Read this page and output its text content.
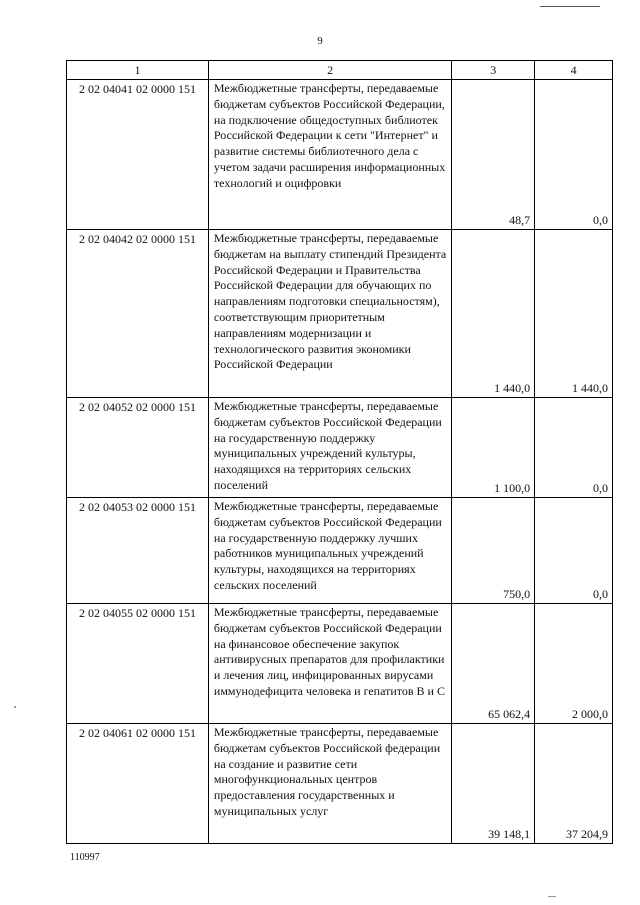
9
1	2	3	4
2 02 04041 02 0000 151	Межбюджетные трансферты, передаваемые бюджетам субъектов Российской Федерации, на подключение общедоступных библиотек Российской Федерации к сети "Интернет" и развитие системы библиотечного дела с учетом задачи расширения информационных технологий и оцифровки	48,7	0,0
2 02 04042 02 0000 151	Межбюджетные трансферты, передаваемые бюджетам на выплату стипендий Президента Российской Федерации и Правительства Российской Федерации для обучающих по направлениям подготовки специальностям), соответствующим приоритетным направлениям модернизации и технологического развития экономики Российской Федерации	1 440,0	1 440,0
2 02 04052 02 0000 151	Межбюджетные трансферты, передаваемые бюджетам субъектов Российской Федерации на государственную поддержку муниципальных учреждений культуры, находящихся на территориях сельских поселений	1 100,0	0,0
2 02 04053 02 0000 151	Межбюджетные трансферты, передаваемые бюджетам субъектов Российской Федерации на государственную поддержку лучших работников муниципальных учреждений культуры, находящихся на территориях сельских поселений	750,0	0,0
2 02 04055 02 0000 151	Межбюджетные трансферты, передаваемые бюджетам субъектов Российской Федерации на финансовое обеспечение закупок антивирусных препаратов для профилактики и лечения лиц, инфицированных вирусами иммунодефицита человека и гепатитов В и С	65 062,4	2 000,0
2 02 04061 02 0000 151	Межбюджетные трансферты, передаваемые бюджетам субъектов Российской федерации на создание и развитие сети многофункциональных центров предоставления государственных и муниципальных услуг	39 148,1	37 204,9
110997
